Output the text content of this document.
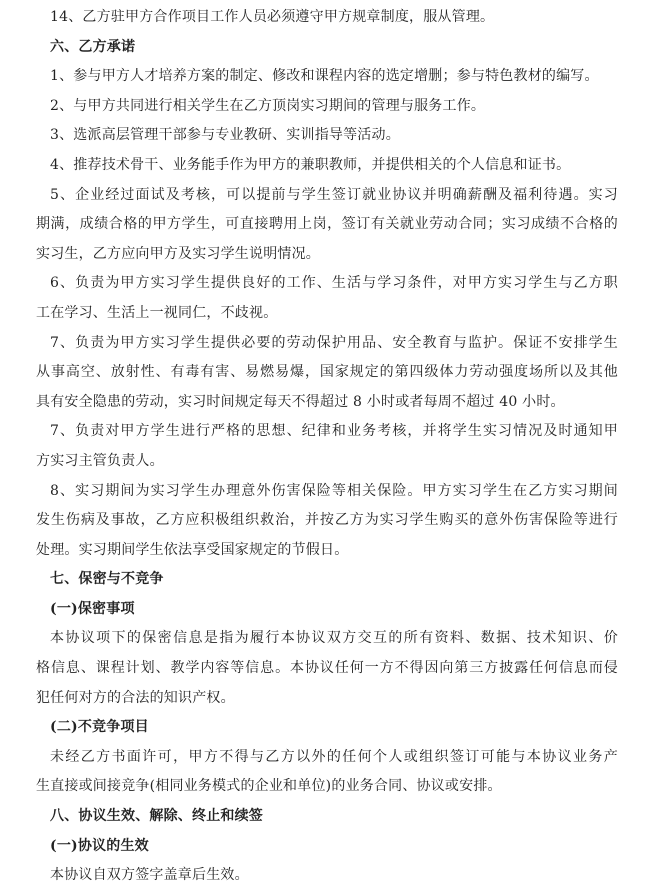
14、乙方驻甲方合作项目工作人员必须遵守甲方规章制度，服从管理。
六、乙方承诺
1、参与甲方人才培养方案的制定、修改和课程内容的选定增删；参与特色教材的编写。
2、与甲方共同进行相关学生在乙方顶岗实习期间的管理与服务工作。
3、选派高层管理干部参与专业教研、实训指导等活动。
4、推荐技术骨干、业务能手作为甲方的兼职教师，并提供相关的个人信息和证书。
5、企业经过面试及考核，可以提前与学生签订就业协议并明确薪酬及福利待遇。实习
期满，成绩合格的甲方学生，可直接聘用上岗，签订有关就业劳动合同；实习成绩不合格的
实习生，乙方应向甲方及实习学生说明情况。
6、负责为甲方实习学生提供良好的工作、生活与学习条件，对甲方实习学生与乙方职
工在学习、生活上一视同仁，不歧视。
7、负责为甲方实习学生提供必要的劳动保护用品、安全教育与监护。保证不安排学生
从事高空、放射性、有毒有害、易燃易爆，国家规定的第四级体力劳动强度场所以及其他
具有安全隐患的劳动，实习时间规定每天不得超过 8 小时或者每周不超过 40 小时。
7、负责对甲方学生进行严格的思想、纪律和业务考核，并将学生实习情况及时通知甲
方实习主管负责人。
8、实习期间为实习学生办理意外伤害保险等相关保险。甲方实习学生在乙方实习期间
发生伤病及事故，乙方应积极组织救治，并按乙方为实习学生购买的意外伤害保险等进行
处理。实习期间学生依法享受国家规定的节假日。
七、保密与不竞争
(一)保密事项
本协议项下的保密信息是指为履行本协议双方交互的所有资料、数据、技术知识、价
格信息、课程计划、教学内容等信息。本协议任何一方不得因向第三方披露任何信息而侵
犯任何对方的合法的知识产权。
(二)不竞争项目
未经乙方书面许可，甲方不得与乙方以外的任何个人或组织签订可能与本协议业务产
生直接或间接竞争(相同业务模式的企业和单位)的业务合同、协议或安排。
八、协议生效、解除、终止和续签
(一)协议的生效
本协议自双方签字盖章后生效。
